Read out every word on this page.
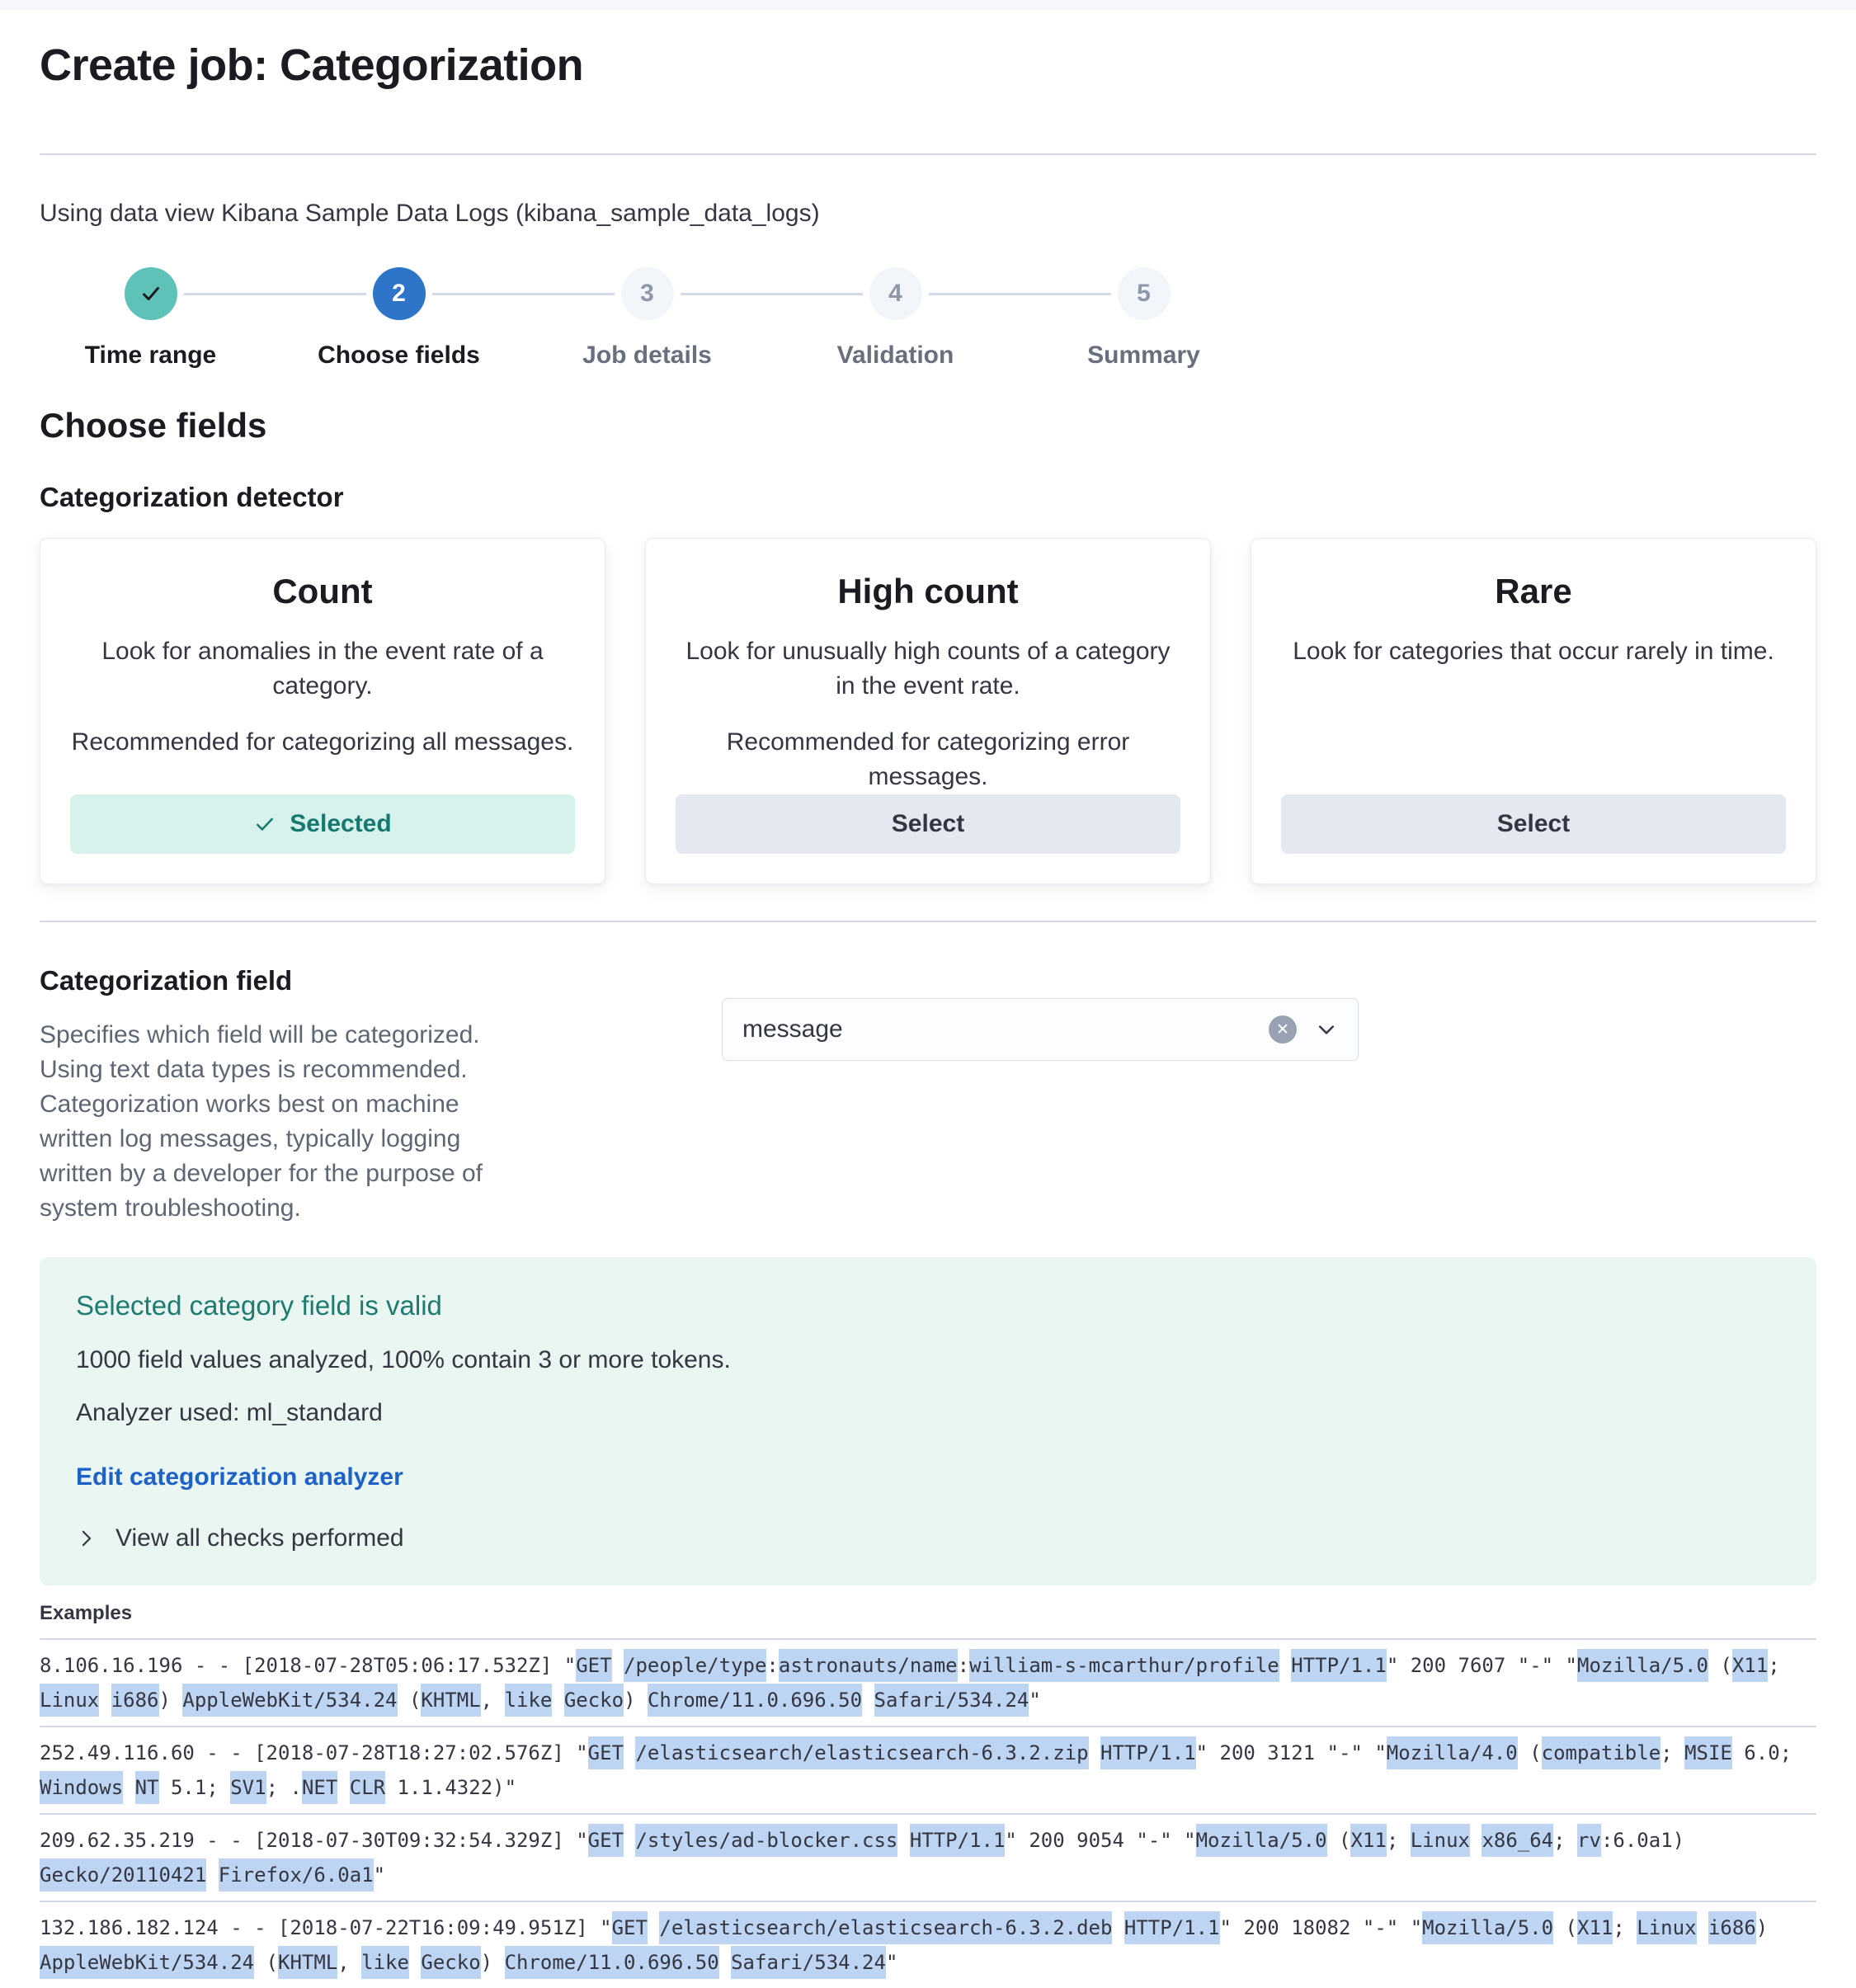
Create job: Categorization
Using data view Kibana Sample Data Logs (kibana_sample_data_logs)
Time range
2
Choose fields
3
Job details
4
Validation
5
Summary
Choose fields
Categorization detector
Count

Look for anomalies in the event rate of a category.

Recommended for categorizing all messages.

Selected
High count

Look for unusually high counts of a category in the event rate.

Recommended for categorizing error messages.

Select
Rare

Look for categories that occur rarely in time.

Select
Categorization field

Specifies which field will be categorized. Using text data types is recommended. Categorization works best on machine written log messages, typically logging written by a developer for the purpose of system troubleshooting.

message	✕
Selected category field is valid

1000 field values analyzed, 100% contain 3 or more tokens.

Analyzer used: ml_standard

Edit categorization analyzer
View all checks performed
Examples
8.106.16.196 - - [2018-07-28T05:06:17.532Z] "GET /people/type:astronauts/name:william-s-mcarthur/profile HTTP/1.1" 200 7607 "-" "Mozilla/5.0 (X11;
Linux i686) AppleWebKit/534.24 (KHTML, like Gecko) Chrome/11.0.696.50 Safari/534.24"
252.49.116.60 - - [2018-07-28T18:27:02.576Z] "GET /elasticsearch/elasticsearch-6.3.2.zip HTTP/1.1" 200 3121 "-" "Mozilla/4.0 (compatible; MSIE 6.0;
Windows NT 5.1; SV1; .NET CLR 1.1.4322)"
209.62.35.219 - - [2018-07-30T09:32:54.329Z] "GET /styles/ad-blocker.css HTTP/1.1" 200 9054 "-" "Mozilla/5.0 (X11; Linux x86_64; rv:6.0a1)
Gecko/20110421 Firefox/6.0a1"
132.186.182.124 - - [2018-07-22T16:09:49.951Z] "GET /elasticsearch/elasticsearch-6.3.2.deb HTTP/1.1" 200 18082 "-" "Mozilla/5.0 (X11; Linux i686)
AppleWebKit/534.24 (KHTML, like Gecko) Chrome/11.0.696.50 Safari/534.24"
